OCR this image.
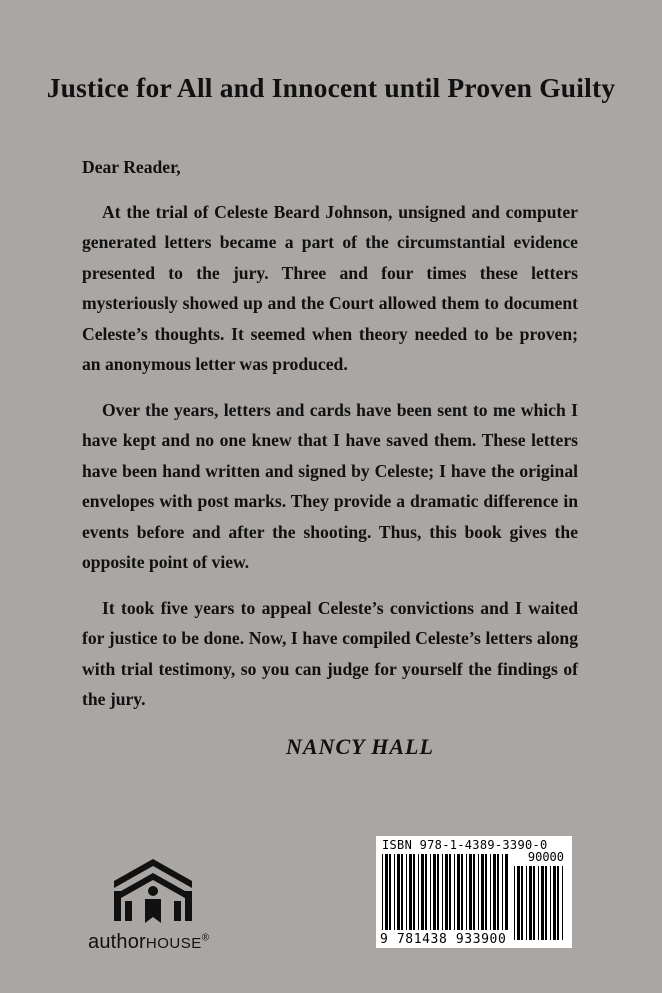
Justice for All and Innocent until Proven Guilty

Dear Reader,

At the trial of Celeste Beard Johnson, unsigned and computer generated letters became a part of the circumstantial evidence presented to the jury. Three and four times these letters mysteriously showed up and the Court allowed them to document Celeste’s thoughts. It seemed when theory needed to be proven; an anonymous letter was produced.

Over the years, letters and cards have been sent to me which I have kept and no one knew that I have saved them. These letters have been hand written and signed by Celeste; I have the original envelopes with post marks. They provide a dramatic difference in events before and after the shooting. Thus, this book gives the opposite point of view.

It took five years to appeal Celeste’s convictions and I waited for justice to be done. Now, I have compiled Celeste’s letters along with trial testimony, so you can judge for yourself the findings of the jury.

NANCY HALL
authorHOUSE®
ISBN 978-1-4389-3390-0
90000
9 781438 933900
